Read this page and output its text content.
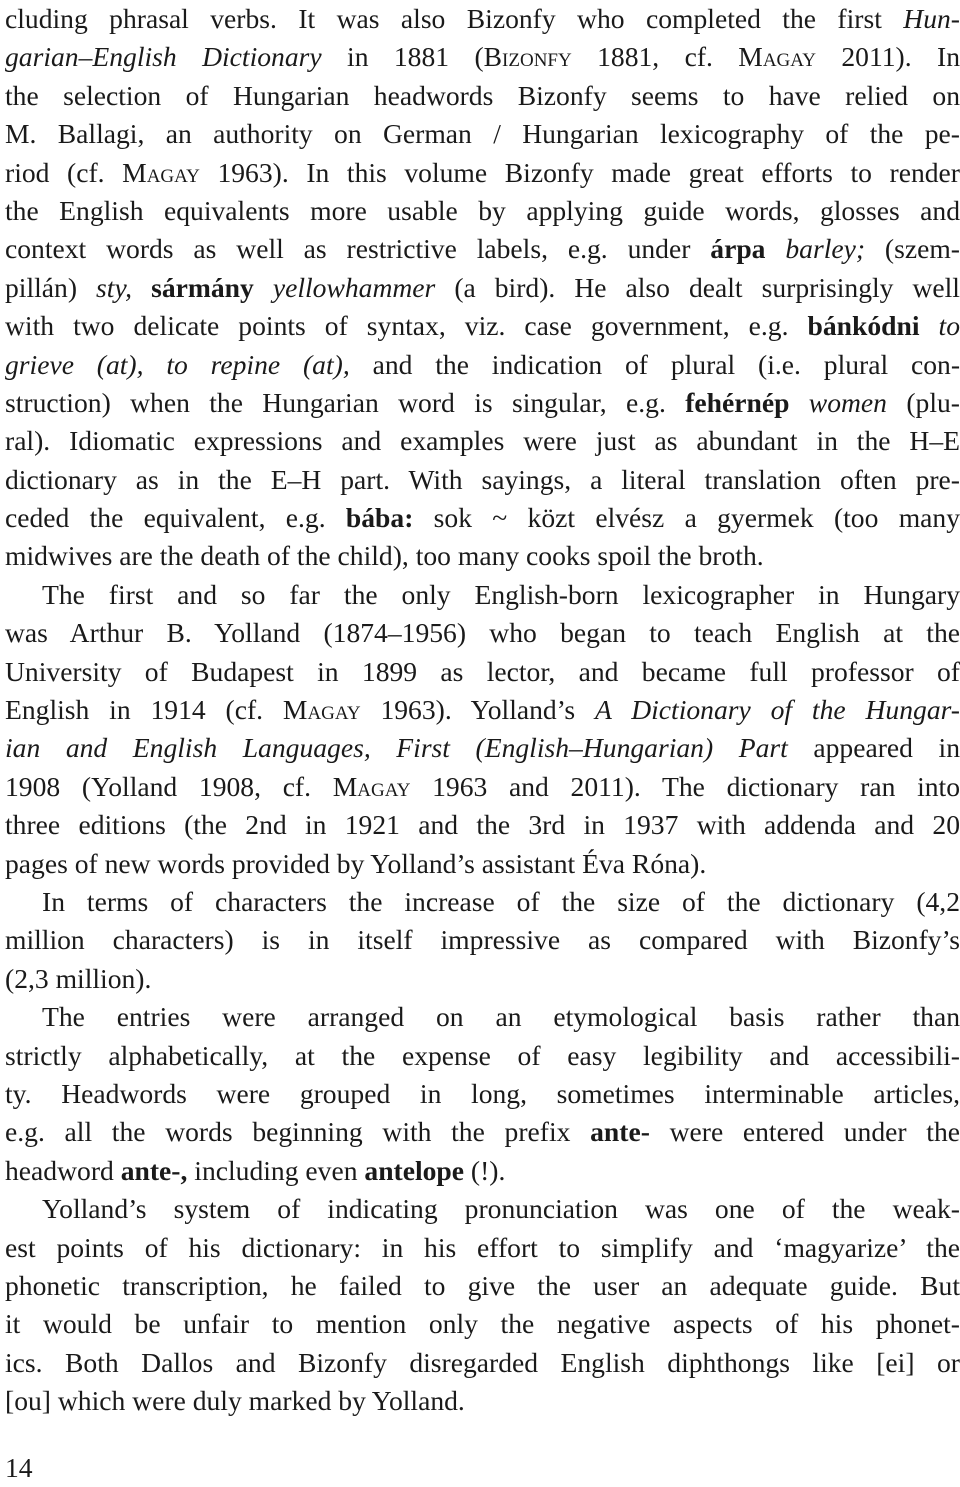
cluding phrasal verbs. It was also Bizonfy who completed the first Hun-
garian–English Dictionary in 1881 (Bizonfy 1881, cf. Magay 2011). In
the selection of Hungarian headwords Bizonfy seems to have relied on
M. Ballagi, an authority on German / Hungarian lexicography of the pe-
riod (cf. Magay 1963). In this volume Bizonfy made great efforts to render
the English equivalents more usable by applying guide words, glosses and
context words as well as restrictive labels, e.g. under árpa barley; (szem-
pillán) sty, sármány yellowhammer (a bird). He also dealt surprisingly well
with two delicate points of syntax, viz. case government, e.g. bánkódni to
grieve (at), to repine (at), and the indication of plural (i.e. plural con-
struction) when the Hungarian word is singular, e.g. fehérnép women (plu-
ral). Idiomatic expressions and examples were just as abundant in the H–E
dictionary as in the E–H part. With sayings, a literal translation often pre-
ceded the equivalent, e.g. bába: sok ~ közt elvész a gyermek (too many
midwives are the death of the child), too many cooks spoil the broth.
The first and so far the only English-born lexicographer in Hungary
was Arthur B. Yolland (1874–1956) who began to teach English at the
University of Budapest in 1899 as lector, and became full professor of
English in 1914 (cf. Magay 1963). Yolland’s A Dictionary of the Hungar-
ian and English Languages, First (English–Hungarian) Part appeared in
1908 (Yolland 1908, cf. Magay 1963 and 2011). The dictionary ran into
three editions (the 2nd in 1921 and the 3rd in 1937 with addenda and 20
pages of new words provided by Yolland’s assistant Éva Róna).
In terms of characters the increase of the size of the dictionary (4,2
million characters) is in itself impressive as compared with Bizonfy’s
(2,3 million).
The entries were arranged on an etymological basis rather than
strictly alphabetically, at the expense of easy legibility and accessibili-
ty. Headwords were grouped in long, sometimes interminable articles,
e.g. all the words beginning with the prefix ante- were entered under the
headword ante-, including even antelope (!).
Yolland’s system of indicating pronunciation was one of the weak-
est points of his dictionary: in his effort to simplify and ‘magyarize’ the
phonetic transcription, he failed to give the user an adequate guide. But
it would be unfair to mention only the negative aspects of his phonet-
ics. Both Dallos and Bizonfy disregarded English diphthongs like [ei] or
[ou] which were duly marked by Yolland.
14
